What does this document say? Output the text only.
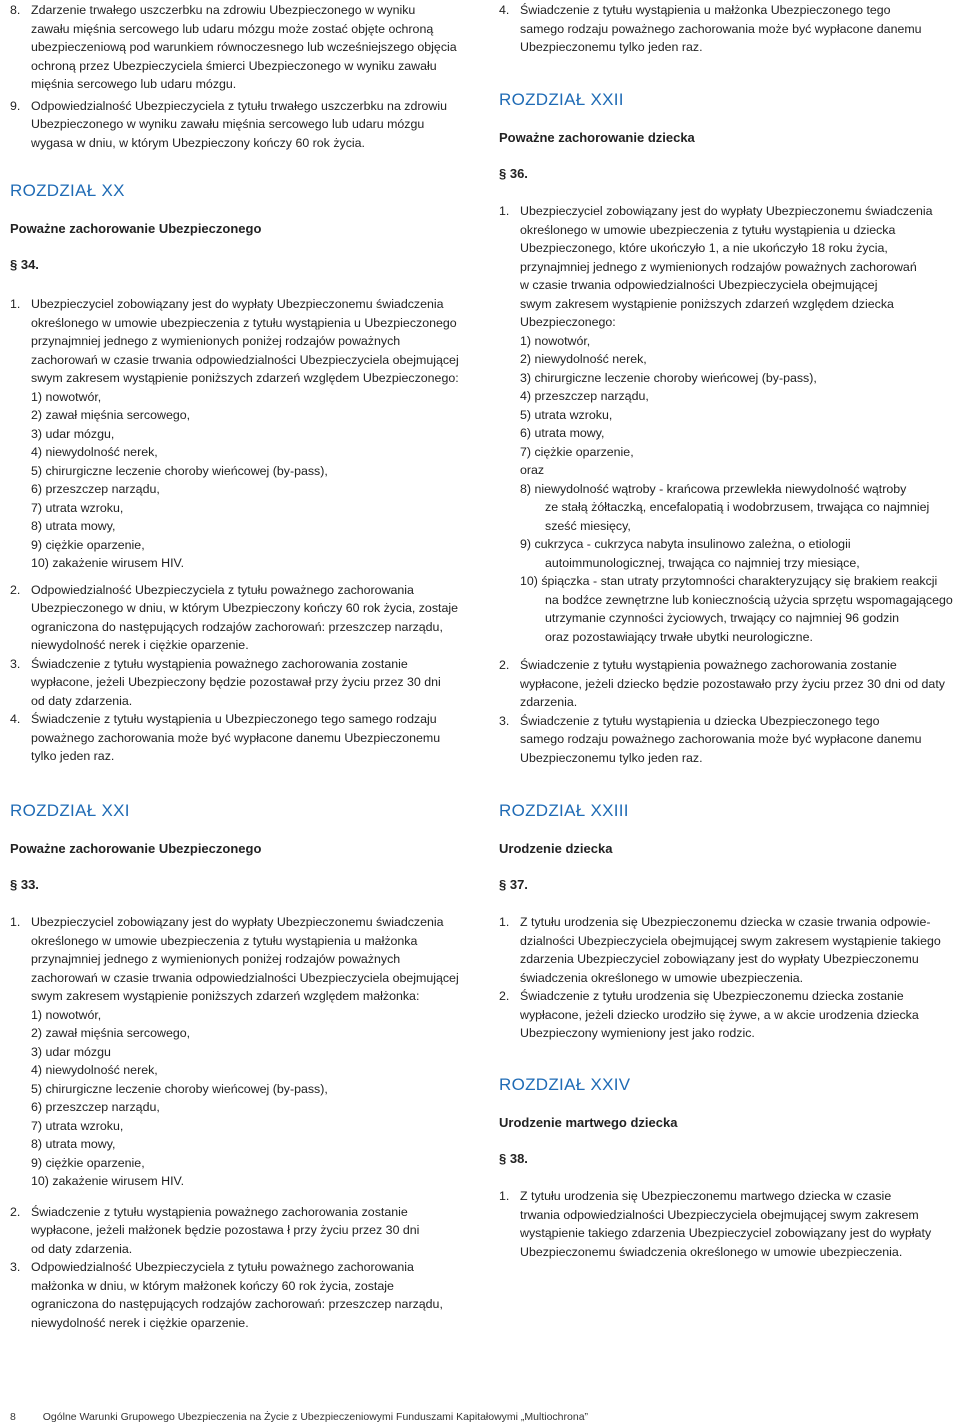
8. Zdarzenie trwałego uszczerbku na zdrowiu Ubezpieczonego w wyniku
zawału mięśnia sercowego lub udaru mózgu może zostać objęte ochroną
ubezpieczeniową pod warunkiem równoczesnego lub wcześniejszego objęcia
ochroną przez Ubezpieczyciela śmierci Ubezpieczonego w wyniku zawału
mięśnia sercowego lub udaru mózgu.

9. Odpowiedzialność Ubezpieczyciela z tytułu trwałego uszczerbku na zdrowiu
Ubezpieczonego w wyniku zawału mięśnia sercowego lub udaru mózgu
wygasa w dniu, w którym Ubezpieczony kończy 60 rok życia.

ROZDZIAŁ XX

Poważne zachorowanie Ubezpieczonego

§ 34.

1. Ubezpieczyciel zobowiązany jest do wypłaty Ubezpieczonemu świadczenia
określonego w umowie ubezpieczenia z tytułu wystąpienia u Ubezpieczonego
przynajmniej jednego z wymienionych poniżej rodzajów poważnych
zachorowań w czasie trwania odpowiedzialności Ubezpieczyciela obejmującej
swym zakresem wystąpienie poniższych zdarzeń względem Ubezpieczonego:

1) nowotwór,
2) zawał mięśnia sercowego,
3) udar mózgu,
4) niewydolność nerek,
5) chirurgiczne leczenie choroby wieńcowej (by-pass),
6) przeszczep narządu,
7) utrata wzroku,
8) utrata mowy,
9) ciężkie oparzenie,
10) zakażenie wirusem HIV.

2. Odpowiedzialność Ubezpieczyciela z tytułu poważnego zachorowania
Ubezpieczonego w dniu, w którym Ubezpieczony kończy 60 rok życia, zostaje
ograniczona do następujących rodzajów zachorowań: przeszczep narządu,
niewydolność nerek i ciężkie oparzenie.

3. Świadczenie z tytułu wystąpienia poważnego zachorowania zostanie
wypłacone, jeżeli Ubezpieczony będzie pozostawał przy życiu przez 30 dni
od daty zdarzenia.

4. Świadczenie z tytułu wystąpienia u Ubezpieczonego tego samego rodzaju
poważnego zachorowania może być wypłacone danemu Ubezpieczonemu
tylko jeden raz.

ROZDZIAŁ XXI

Poważne zachorowanie Ubezpieczonego

§ 33.

1. Ubezpieczyciel zobowiązany jest do wypłaty Ubezpieczonemu świadczenia
określonego w umowie ubezpieczenia z tytułu wystąpienia u małżonka
przynajmniej jednego z wymienionych poniżej rodzajów poważnych
zachorowań w czasie trwania odpowiedzialności Ubezpieczyciela obejmującej
swym zakresem wystąpienie poniższych zdarzeń względem małżonka:

1) nowotwór,
2) zawał mięśnia sercowego,
3) udar mózgu
4) niewydolność nerek,
5) chirurgiczne leczenie choroby wieńcowej (by-pass),
6) przeszczep narządu,
7) utrata wzroku,
8) utrata mowy,
9) ciężkie oparzenie,
10) zakażenie wirusem HIV.

2. Świadczenie z tytułu wystąpienia poważnego zachorowania zostanie
wypłacone, jeżeli małżonek będzie pozostawa ł przy życiu przez 30 dni
od daty zdarzenia.

3. Odpowiedzialność Ubezpieczyciela z tytułu poważnego zachorowania
małżonka w dniu, w którym małżonek kończy 60 rok życia, zostaje
ograniczona do następujących rodzajów zachorowań: przeszczep narządu,
niewydolność nerek i ciężkie oparzenie.

4. Świadczenie z tytułu wystąpienia u małżonka Ubezpieczonego tego
samego rodzaju poważnego zachorowania może być wypłacone danemu
Ubezpieczonemu tylko jeden raz.

ROZDZIAŁ XXII

Poważne zachorowanie dziecka

§ 36.

1. Ubezpieczyciel zobowiązany jest do wypłaty Ubezpieczonemu świadczenia
określonego w umowie ubezpieczenia z tytułu wystąpienia u dziecka
Ubezpieczonego, które ukończyło 1, a nie ukończyło 18 roku życia,
przynajmniej jednego z wymienionych rodzajów poważnych zachorowań
w czasie trwania odpowiedzialności Ubezpieczyciela obejmującej
swym zakresem wystąpienie poniższych zdarzeń względem dziecka
Ubezpieczonego:

1) nowotwór,
2) niewydolność nerek,
3) chirurgiczne leczenie choroby wieńcowej (by-pass),
4) przeszczep narządu,
5) utrata wzroku,
6) utrata mowy,
7) ciężkie oparzenie,
oraz
8) niewydolność wątroby - krańcowa przewlekła niewydolność wątroby
ze stałą żółtaczką, encefalopatią i wodobrzusem, trwająca co najmniej
sześć miesięcy,
9) cukrzyca - cukrzyca nabyta insulinowo zależna, o etiologii
autoimmunologicznej, trwająca co najmniej trzy miesiące,
10) śpiączka - stan utraty przytomności charakteryzujący się brakiem reakcji
na bodźce zewnętrzne lub koniecznością użycia sprzętu wspomagającego
utrzymanie czynności życiowych, trwający co najmniej 96 godzin
oraz pozostawiający trwałe ubytki neurologiczne.

2. Świadczenie z tytułu wystąpienia poważnego zachorowania zostanie
wypłacone, jeżeli dziecko będzie pozostawało przy życiu przez 30 dni od daty
zdarzenia.

3. Świadczenie z tytułu wystąpienia u dziecka Ubezpieczonego tego
samego rodzaju poważnego zachorowania może być wypłacone danemu
Ubezpieczonemu tylko jeden raz.

ROZDZIAŁ XXIII

Urodzenie dziecka

§ 37.

1. Z tytułu urodzenia się Ubezpieczonemu dziecka w czasie trwania odpowie-
dzialności Ubezpieczyciela obejmującej swym zakresem wystąpienie takiego
zdarzenia Ubezpieczyciel zobowiązany jest do wypłaty Ubezpieczonemu
świadczenia określonego w umowie ubezpieczenia.

2. Świadczenie z tytułu urodzenia się Ubezpieczonemu dziecka zostanie
wypłacone, jeżeli dziecko urodziło się żywe, a w akcie urodzenia dziecka
Ubezpieczony wymieniony jest jako rodzic.

ROZDZIAŁ XXIV

Urodzenie martwego dziecka

§ 38.

1. Z tytułu urodzenia się Ubezpieczonemu martwego dziecka w czasie
trwania odpowiedzialności Ubezpieczyciela obejmującej swym zakresem
wystąpienie takiego zdarzenia Ubezpieczyciel zobowiązany jest do wypłaty
Ubezpieczonemu świadczenia określonego w umowie ubezpieczenia.

8	Ogólne Warunki Grupowego Ubezpieczenia na Życie z Ubezpieczeniowymi Funduszami Kapitałowymi „Multiochrona”
